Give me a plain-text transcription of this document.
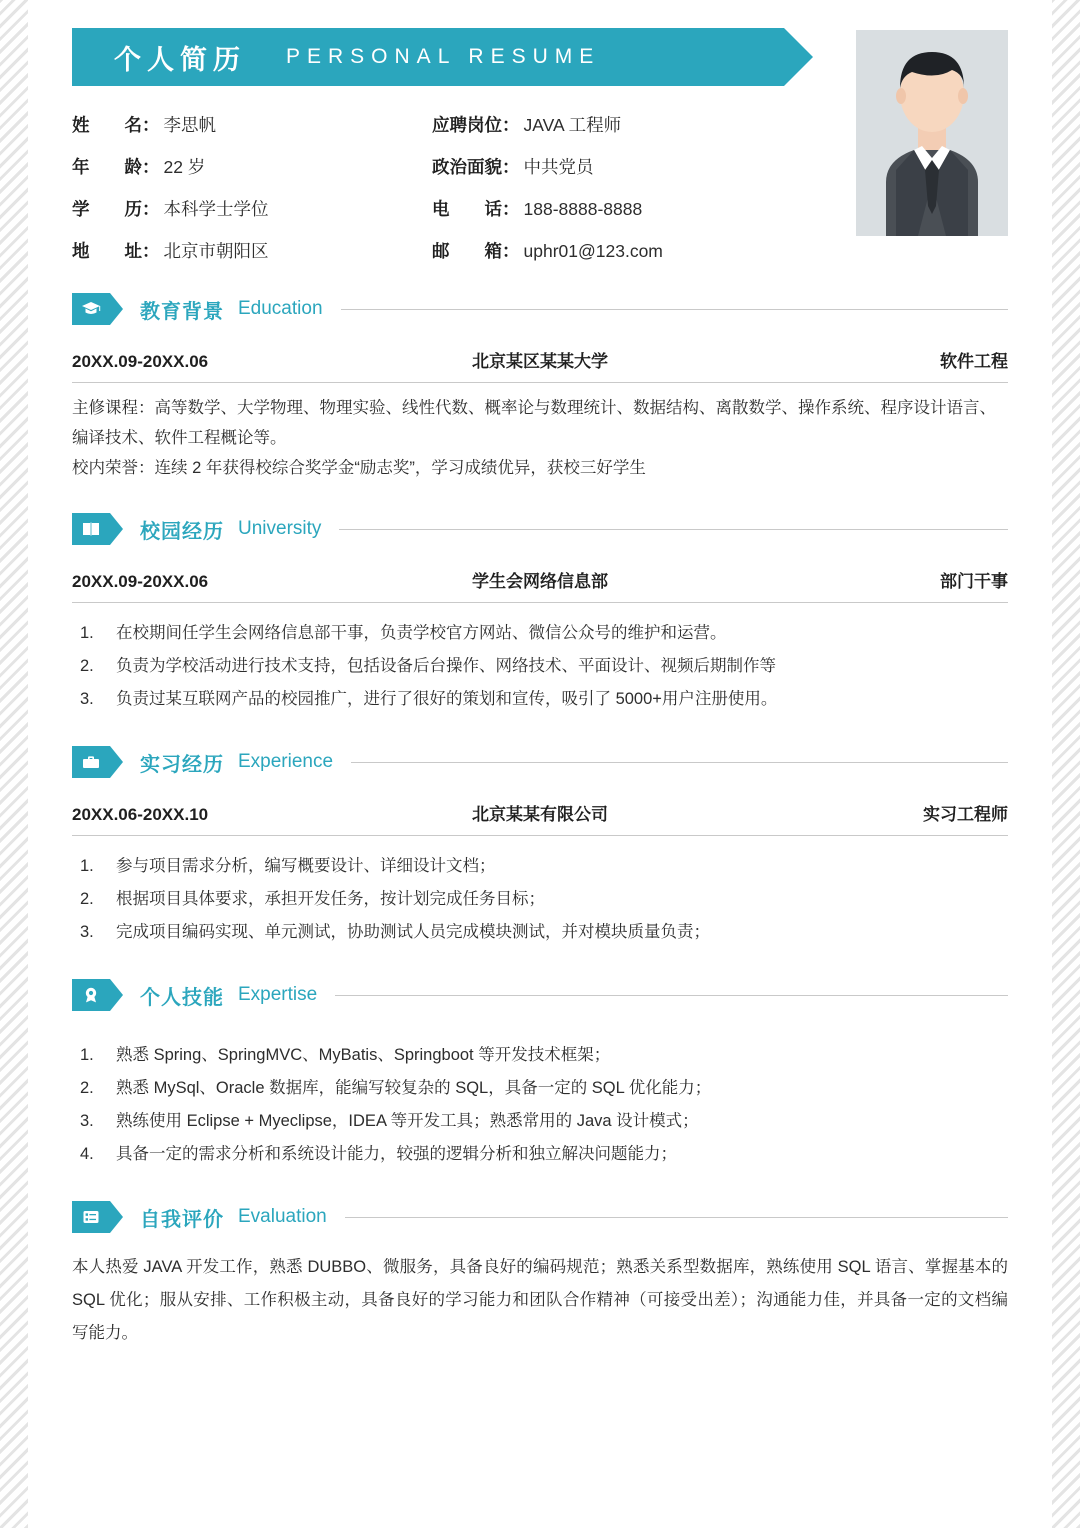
个人简历 PERSONAL RESUME
姓　　名： 李思帆
年　　龄： 22 岁
学　　历： 本科学士学位
地　　址： 北京市朝阳区
应聘岗位： JAVA 工程师
政治面貌： 中共党员
电　　话： 188-8888-8888
邮　　箱： uphr01@123.com
教育背景 Education
20XX.09-20XX.06	北京某区某某大学	软件工程
主修课程：高等数学、大学物理、物理实验、线性代数、概率论与数理统计、数据结构、离散数学、操作系统、程序设计语言、编译技术、软件工程概论等。
校内荣誉：连续 2 年获得校综合奖学金“励志奖”，学习成绩优异，获校三好学生
校园经历 University
20XX.09-20XX.06	学生会网络信息部	部门干事
1.	在校期间任学生会网络信息部干事，负责学校官方网站、微信公众号的维护和运营。
2.	负责为学校活动进行技术支持，包括设备后台操作、网络技术、平面设计、视频后期制作等
3.	负责过某互联网产品的校园推广，进行了很好的策划和宣传，吸引了 5000+用户注册使用。
实习经历 Experience
20XX.06-20XX.10	北京某某有限公司	实习工程师
1.	参与项目需求分析，编写概要设计、详细设计文档；
2.	根据项目具体要求，承担开发任务，按计划完成任务目标；
3.	完成项目编码实现、单元测试，协助测试人员完成模块测试，并对模块质量负责；
个人技能 Expertise
1.	熟悉 Spring、SpringMVC、MyBatis、Springboot 等开发技术框架；
2.	熟悉 MySql、Oracle 数据库，能编写较复杂的 SQL，具备一定的 SQL 优化能力；
3.	熟练使用 Eclipse + Myeclipse，IDEA 等开发工具；熟悉常用的 Java 设计模式；
4.	具备一定的需求分析和系统设计能力，较强的逻辑分析和独立解决问题能力；
自我评价 Evaluation
本人热爱 JAVA 开发工作，熟悉 DUBBO、微服务，具备良好的编码规范；熟悉关系型数据库，熟练使用 SQL 语言、掌握基本的 SQL 优化；服从安排、工作积极主动，具备良好的学习能力和团队合作精神（可接受出差）；沟通能力佳，并具备一定的文档编写能力。
